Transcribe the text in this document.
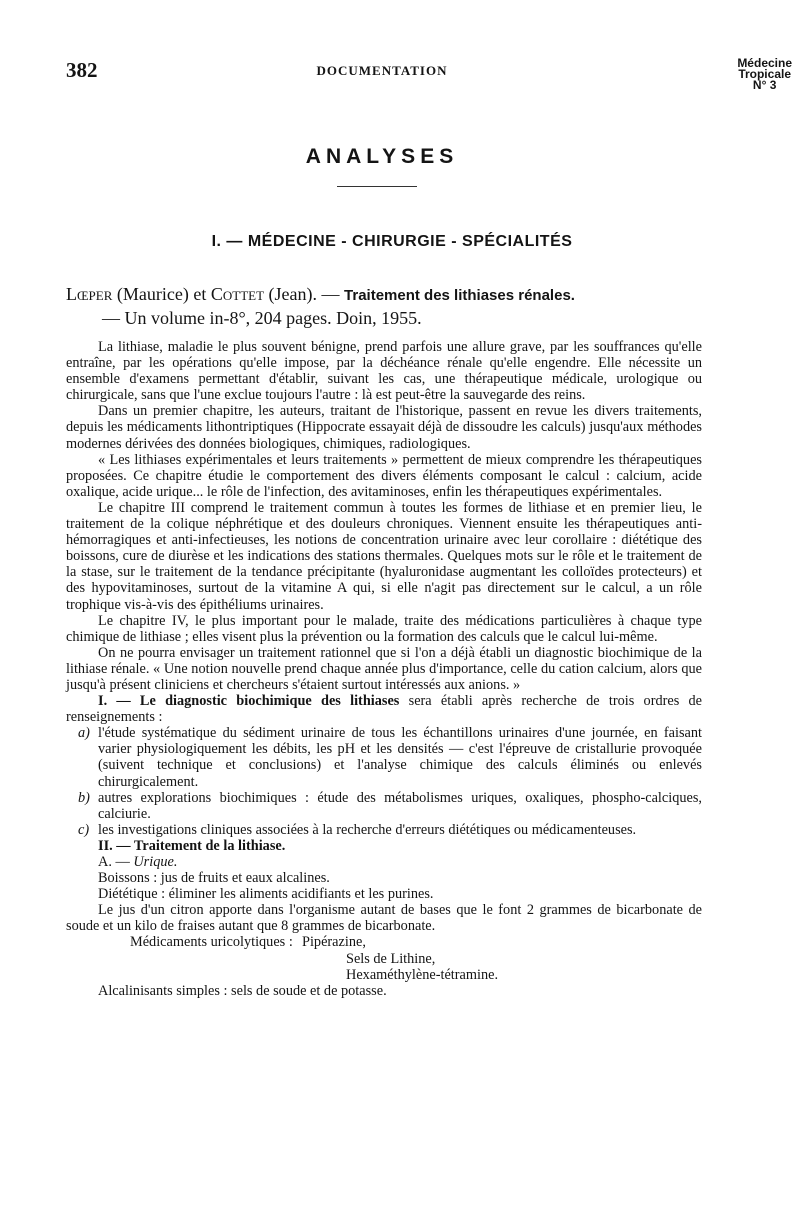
382	DOCUMENTATION	Médecine
Tropicale
N° 3
ANALYSES
I. — MÉDECINE - CHIRURGIE - SPÉCIALITÉS
Lœper (Maurice) et Cottet (Jean). — Traitement des lithiases rénales.
— Un volume in-8°, 204 pages. Doin, 1955.

La lithiase, maladie le plus souvent bénigne, prend parfois une allure grave, par les souffrances qu'elle entraîne, par les opérations qu'elle impose, par la déchéance rénale qu'elle engendre. Elle nécessite un ensemble d'examens permettant d'établir, suivant les cas, une thérapeutique médicale, urologique ou chirurgicale, sans que l'une exclue toujours l'autre : là est peut-être la sauvegarde des reins.

Dans un premier chapitre, les auteurs, traitant de l'historique, passent en revue les divers traitements, depuis les médicaments lithontriptiques (Hippocrate essayait déjà de dissoudre les calculs) jusqu'aux méthodes modernes dérivées des données biologiques, chimiques, radiologiques.

« Les lithiases expérimentales et leurs traitements » permettent de mieux comprendre les thérapeutiques proposées. Ce chapitre étudie le comportement des divers éléments composant le calcul : calcium, acide oxalique, acide urique... le rôle de l'infection, des avitaminoses, enfin les thérapeutiques expérimentales.

Le chapitre III comprend le traitement commun à toutes les formes de lithiase et en premier lieu, le traitement de la colique néphrétique et des douleurs chroniques. Viennent ensuite les thérapeutiques anti-hémorragiques et anti-infectieuses, les notions de concentration urinaire avec leur corollaire : diététique des boissons, cure de diurèse et les indications des stations thermales. Quelques mots sur le rôle et le traitement de la stase, sur le traitement de la tendance précipitante (hyaluronidase augmentant les colloïdes protecteurs) et des hypovitaminoses, surtout de la vitamine A qui, si elle n'agit pas directement sur le calcul, a un rôle trophique vis-à-vis des épithéliums urinaires.

Le chapitre IV, le plus important pour le malade, traite des médications particulières à chaque type chimique de lithiase ; elles visent plus la prévention ou la formation des calculs que le calcul lui-même.

On ne pourra envisager un traitement rationnel que si l'on a déjà établi un diagnostic biochimique de la lithiase rénale. « Une notion nouvelle prend chaque année plus d'importance, celle du cation calcium, alors que jusqu'à présent cliniciens et chercheurs s'étaient surtout intéressés aux anions. »

I. — Le diagnostic biochimique des lithiases sera établi après recherche de trois ordres de renseignements :

a) l'étude systématique du sédiment urinaire de tous les échantillons urinaires d'une journée, en faisant varier physiologiquement les débits, les pH et les densités — c'est l'épreuve de cristallurie provoquée (suivent technique et conclusions) et l'analyse chimique des calculs éliminés ou enlevés chirurgicalement.
b) autres explorations biochimiques : étude des métabolismes uriques, oxaliques, phospho-calciques, calciurie.
c) les investigations cliniques associées à la recherche d'erreurs diététiques ou médicamenteuses.

II. — Traitement de la lithiase.

A. — Urique.

Boissons : jus de fruits et eaux alcalines.

Diététique : éliminer les aliments acidifiants et les purines.

Le jus d'un citron apporte dans l'organisme autant de bases que le font 2 grammes de bicarbonate de soude et un kilo de fraises autant que 8 grammes de bicarbonate.

Médicaments uricolytiques : Pipérazine,

Sels de Lithine,

Hexaméthylène-tétramine.

Alcalinisants simples : sels de soude et de potasse.
